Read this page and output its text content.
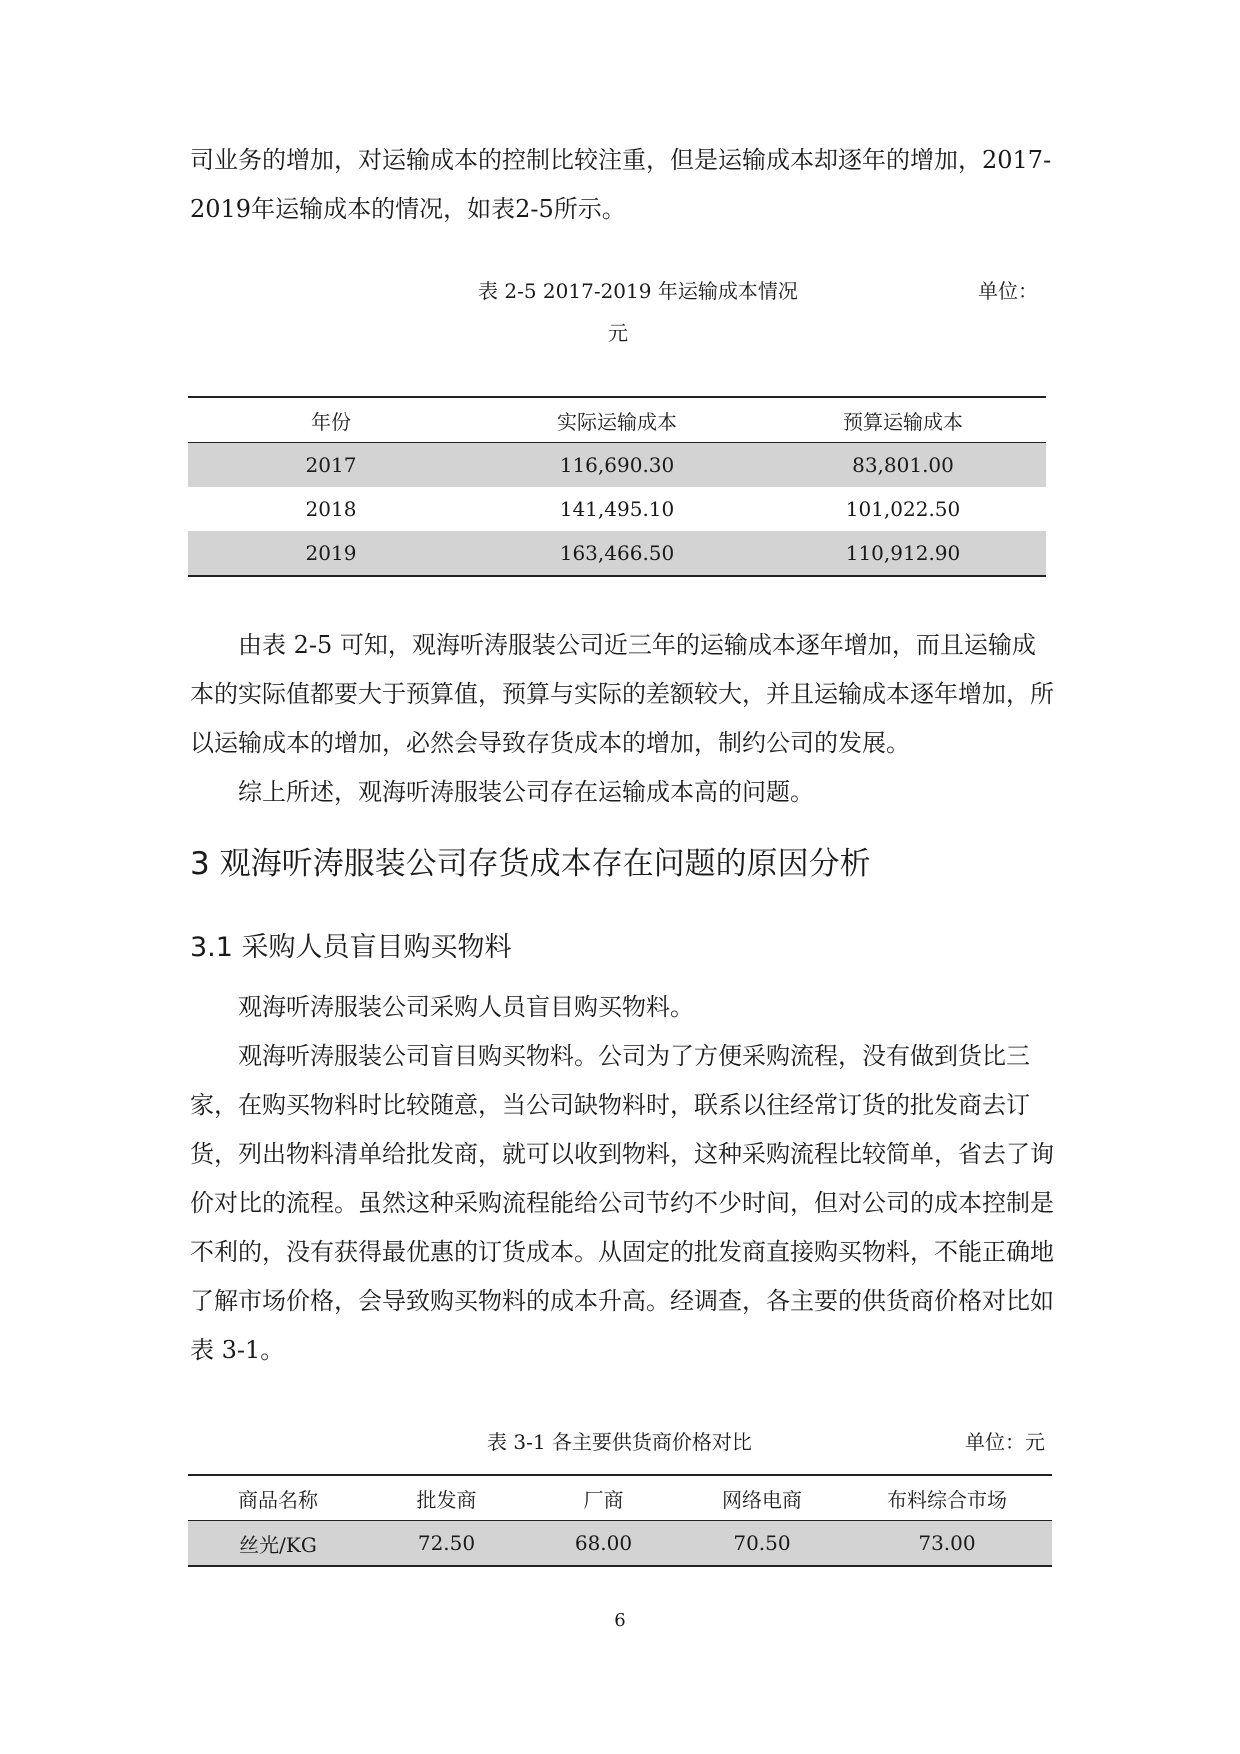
司业务的增加，对运输成本的控制比较注重，但是运输成本却逐年的增加，2017-2019年运输成本的情况，如表2-5所示。

表 2-5 2017-2019 年运输成本情况	单位：
元
年份	实际运输成本	预算运输成本
2017	116,690.30	83,801.00
2018	141,495.10	101,022.50
2019	163,466.50	110,912.90

由表 2-5 可知，观海听涛服装公司近三年的运输成本逐年增加，而且运输成本的实际值都要大于预算值，预算与实际的差额较大，并且运输成本逐年增加，所以运输成本的增加，必然会导致存货成本的增加，制约公司的发展。

综上所述，观海听涛服装公司存在运输成本高的问题。

3 观海听涛服装公司存货成本存在问题的原因分析
3.1 采购人员盲目购买物料

观海听涛服装公司采购人员盲目购买物料。

观海听涛服装公司盲目购买物料。公司为了方便采购流程，没有做到货比三家，在购买物料时比较随意，当公司缺物料时，联系以往经常订货的批发商去订货，列出物料清单给批发商，就可以收到物料，这种采购流程比较简单，省去了询价对比的流程。虽然这种采购流程能给公司节约不少时间，但对公司的成本控制是不利的，没有获得最优惠的订货成本。从固定的批发商直接购买物料，不能正确地了解市场价格，会导致购买物料的成本升高。经调查，各主要的供货商价格对比如表 3-1。

表 3-1 各主要供货商价格对比	单位：元
商品名称	批发商	厂商	网络电商	布料综合市场
丝光/KG	72.50	68.00	70.50	73.00
6
